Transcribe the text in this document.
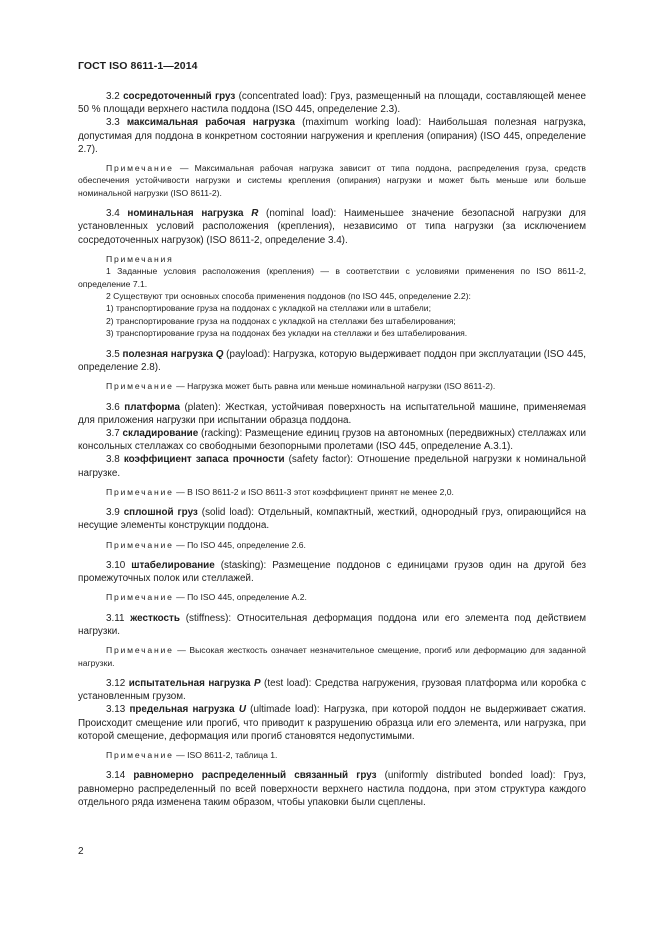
ГОСТ ISO 8611-1—2014

3.2 сосредоточенный груз (concentrated load): Груз, размещенный на площади, составляющей менее 50 % площади верхнего настила поддона (ISO 445, определение 2.3).

3.3 максимальная рабочая нагрузка (maximum working load): Наибольшая полезная нагрузка, допустимая для поддона в конкретном состоянии нагружения и крепления (опирания) (ISO 445, определение 2.7).

Примечание — Максимальная рабочая нагрузка зависит от типа поддона, распределения груза, средств обеспечения устойчивости нагрузки и системы крепления (опирания) нагрузки и может быть меньше или больше номинальной нагрузки (ISO 8611-2).

3.4 номинальная нагрузка R (nominal load): Наименьшее значение безопасной нагрузки для установленных условий расположения (крепления), независимо от типа нагрузки (за исключением сосредоточенных нагрузок) (ISO 8611-2, определение 3.4).

Примечания
1 Заданные условия расположения (крепления) — в соответствии с условиями применения по ISO 8611-2, определение 7.1.
2 Существуют три основных способа применения поддонов (по ISO 445, определение 2.2):
1) транспортирование груза на поддонах с укладкой на стеллажи или в штабели;
2) транспортирование груза на поддонах с укладкой на стеллажи без штабелирования;
3) транспортирование груза на поддонах без укладки на стеллажи и без штабелирования.

3.5 полезная нагрузка Q (payload): Нагрузка, которую выдерживает поддон при эксплуатации (ISO 445, определение 2.8).

Примечание — Нагрузка может быть равна или меньше номинальной нагрузки (ISO 8611-2).

3.6 платформа (platen): Жесткая, устойчивая поверхность на испытательной машине, применяемая для приложения нагрузки при испытании образца поддона.

3.7 складирование (racking): Размещение единиц грузов на автономных (передвижных) стеллажах или консольных стеллажах со свободными безопорными пролетами (ISO 445, определение А.3.1).

3.8 коэффициент запаса прочности (safety factor): Отношение предельной нагрузки к номинальной нагрузке.

Примечание — В ISO 8611-2 и ISO 8611-3 этот коэффициент принят не менее 2,0.

3.9 сплошной груз (solid load): Отдельный, компактный, жесткий, однородный груз, опирающийся на несущие элементы конструкции поддона.

Примечание — По ISO 445, определение 2.6.

3.10 штабелирование (stasking): Размещение поддонов с единицами грузов один на другой без промежуточных полок или стеллажей.

Примечание — По ISO 445, определение А.2.

3.11 жесткость (stiffness): Относительная деформация поддона или его элемента под действием нагрузки.

Примечание — Высокая жесткость означает незначительное смещение, прогиб или деформацию для заданной нагрузки.

3.12 испытательная нагрузка P (test load): Средства нагружения, грузовая платформа или коробка с установленным грузом.

3.13 предельная нагрузка U (ultimade load): Нагрузка, при которой поддон не выдерживает сжатия. Происходит смещение или прогиб, что приводит к разрушению образца или его элемента, или нагрузка, при которой смещение, деформация или прогиб становятся недопустимыми.

Примечание — ISO 8611-2, таблица 1.

3.14 равномерно распределенный связанный груз (uniformly distributed bonded load): Груз, равномерно распределенный по всей поверхности верхнего настила поддона, при этом структура каждого отдельного ряда изменена таким образом, чтобы упаковки были сцеплены.

2
